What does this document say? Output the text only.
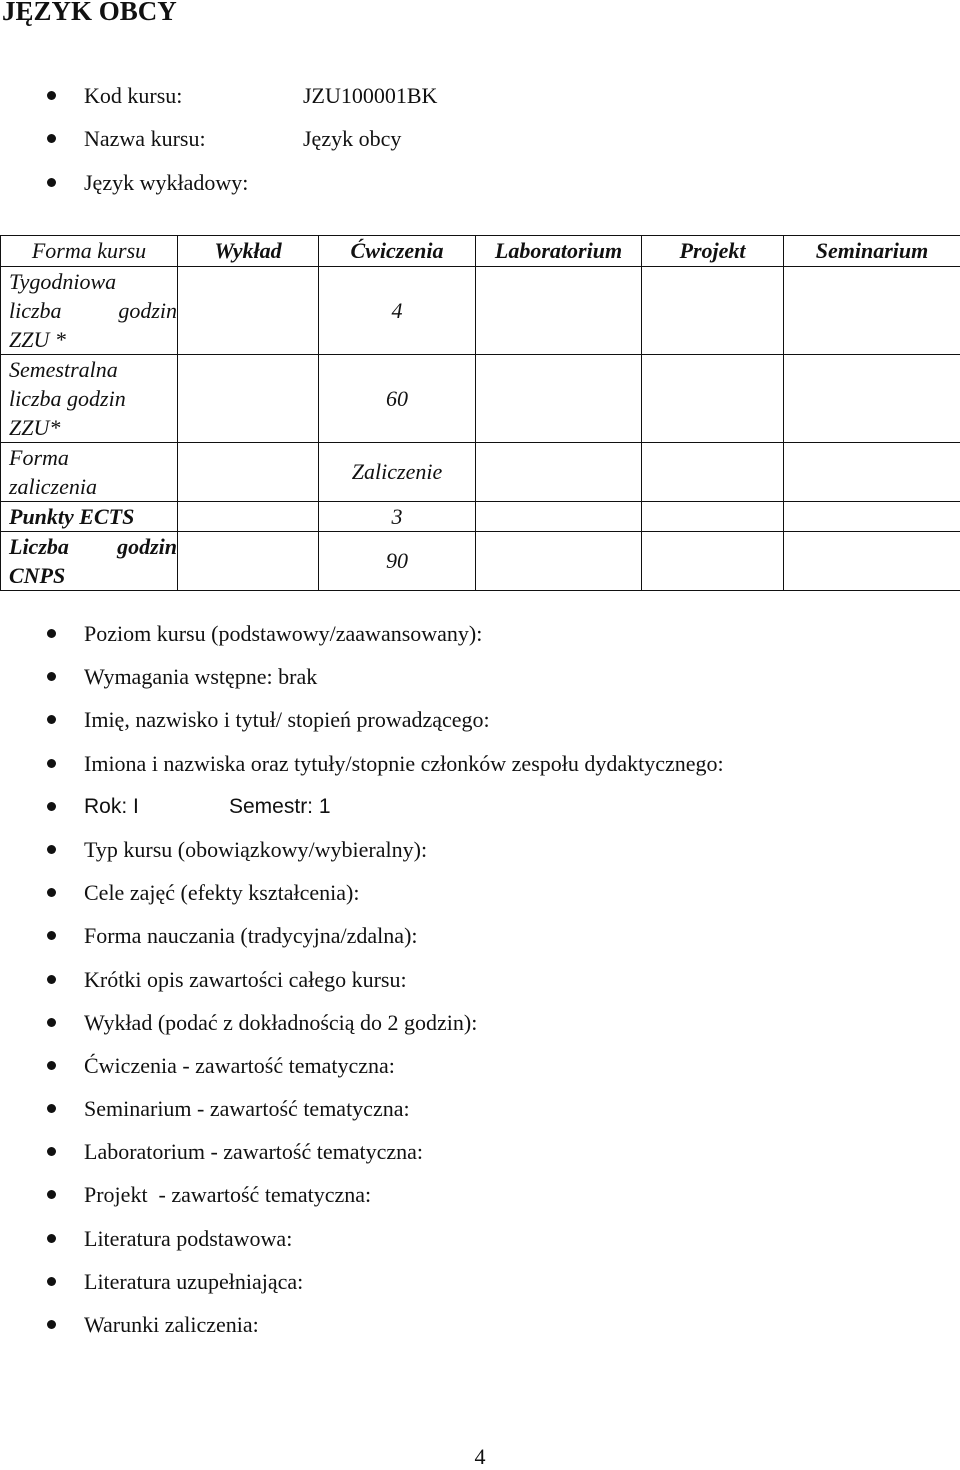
JĘZYK OBCY
Kod kursu:	JZU100001BK
Nazwa kursu:	Język obcy
Język wykładowy:
Forma kursu	Wykład	Ćwiczenia	Laboratorium	Projekt	Seminarium

Tygodniowa
liczba godzin
ZZU *		4			

Semestralna
liczba godzin
ZZU*		60			

Forma
zaliczenia		Zaliczenie			

Punkty ECTS		3			

Liczba godzin
CNPS		90			
Poziom kursu (podstawowy/zaawansowany):
Wymagania wstępne: brak
Imię, nazwisko i tytuł/ stopień prowadzącego:
Imiona i nazwiska oraz tytuły/stopnie członków zespołu dydaktycznego:
Rok: I	Semestr: 1
Typ kursu (obowiązkowy/wybieralny):
Cele zajęć (efekty kształcenia):
Forma nauczania (tradycyjna/zdalna):
Krótki opis zawartości całego kursu:
Wykład (podać z dokładnością do 2 godzin):
Ćwiczenia - zawartość tematyczna:
Seminarium - zawartość tematyczna:
Laboratorium - zawartość tematyczna:
Projekt  - zawartość tematyczna:
Literatura podstawowa:
Literatura uzupełniająca:
Warunki zaliczenia:
4
